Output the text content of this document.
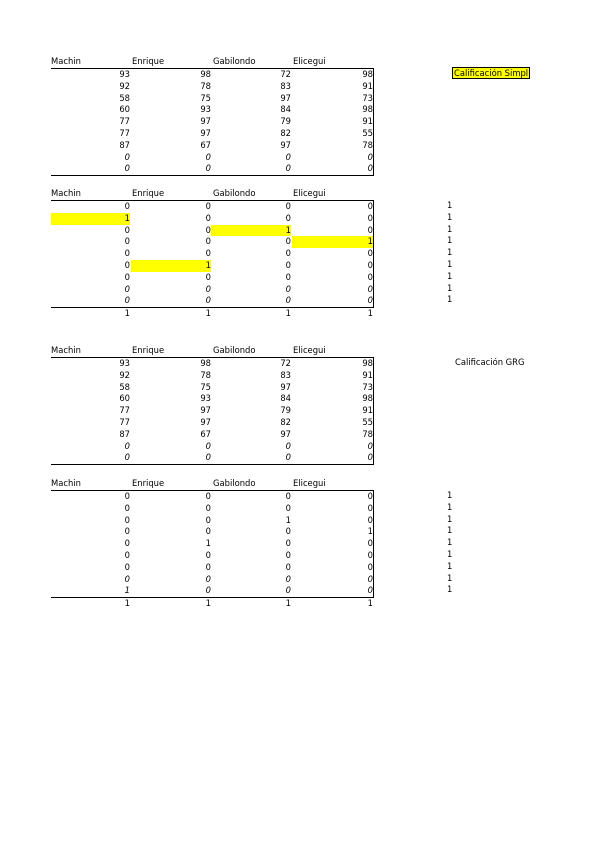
Machin	Enrique	Gabilondo	Elicegui
93	98	72	98
92	78	83	91
58	75	97	73
60	93	84	98
77	97	79	91
77	97	82	55
87	67	97	78
0	0	0	0
0	0	0	0
Calificación Simpl
Machin	Enrique	Gabilondo	Elicegui
0	0	0	0
1	0	0	0
0	0	1	0
0	0	0	1
0	0	0	0
0	1	0	0
0	0	0	0
0	0	0	0
0	0	0	0
1	1	1	1
1
1
1
1
1
1
1
1
1
Machin	Enrique	Gabilondo	Elicegui
93	98	72	98
92	78	83	91
58	75	97	73
60	93	84	98
77	97	79	91
77	97	82	55
87	67	97	78
0	0	0	0
0	0	0	0
Calificación GRG
Machin	Enrique	Gabilondo	Elicegui
0	0	0	0
0	0	0	0
0	0	1	0
0	0	0	1
0	1	0	0
0	0	0	0
0	0	0	0
0	0	0	0
1	0	0	0
1	1	1	1
1
1
1
1
1
1
1
1
1
